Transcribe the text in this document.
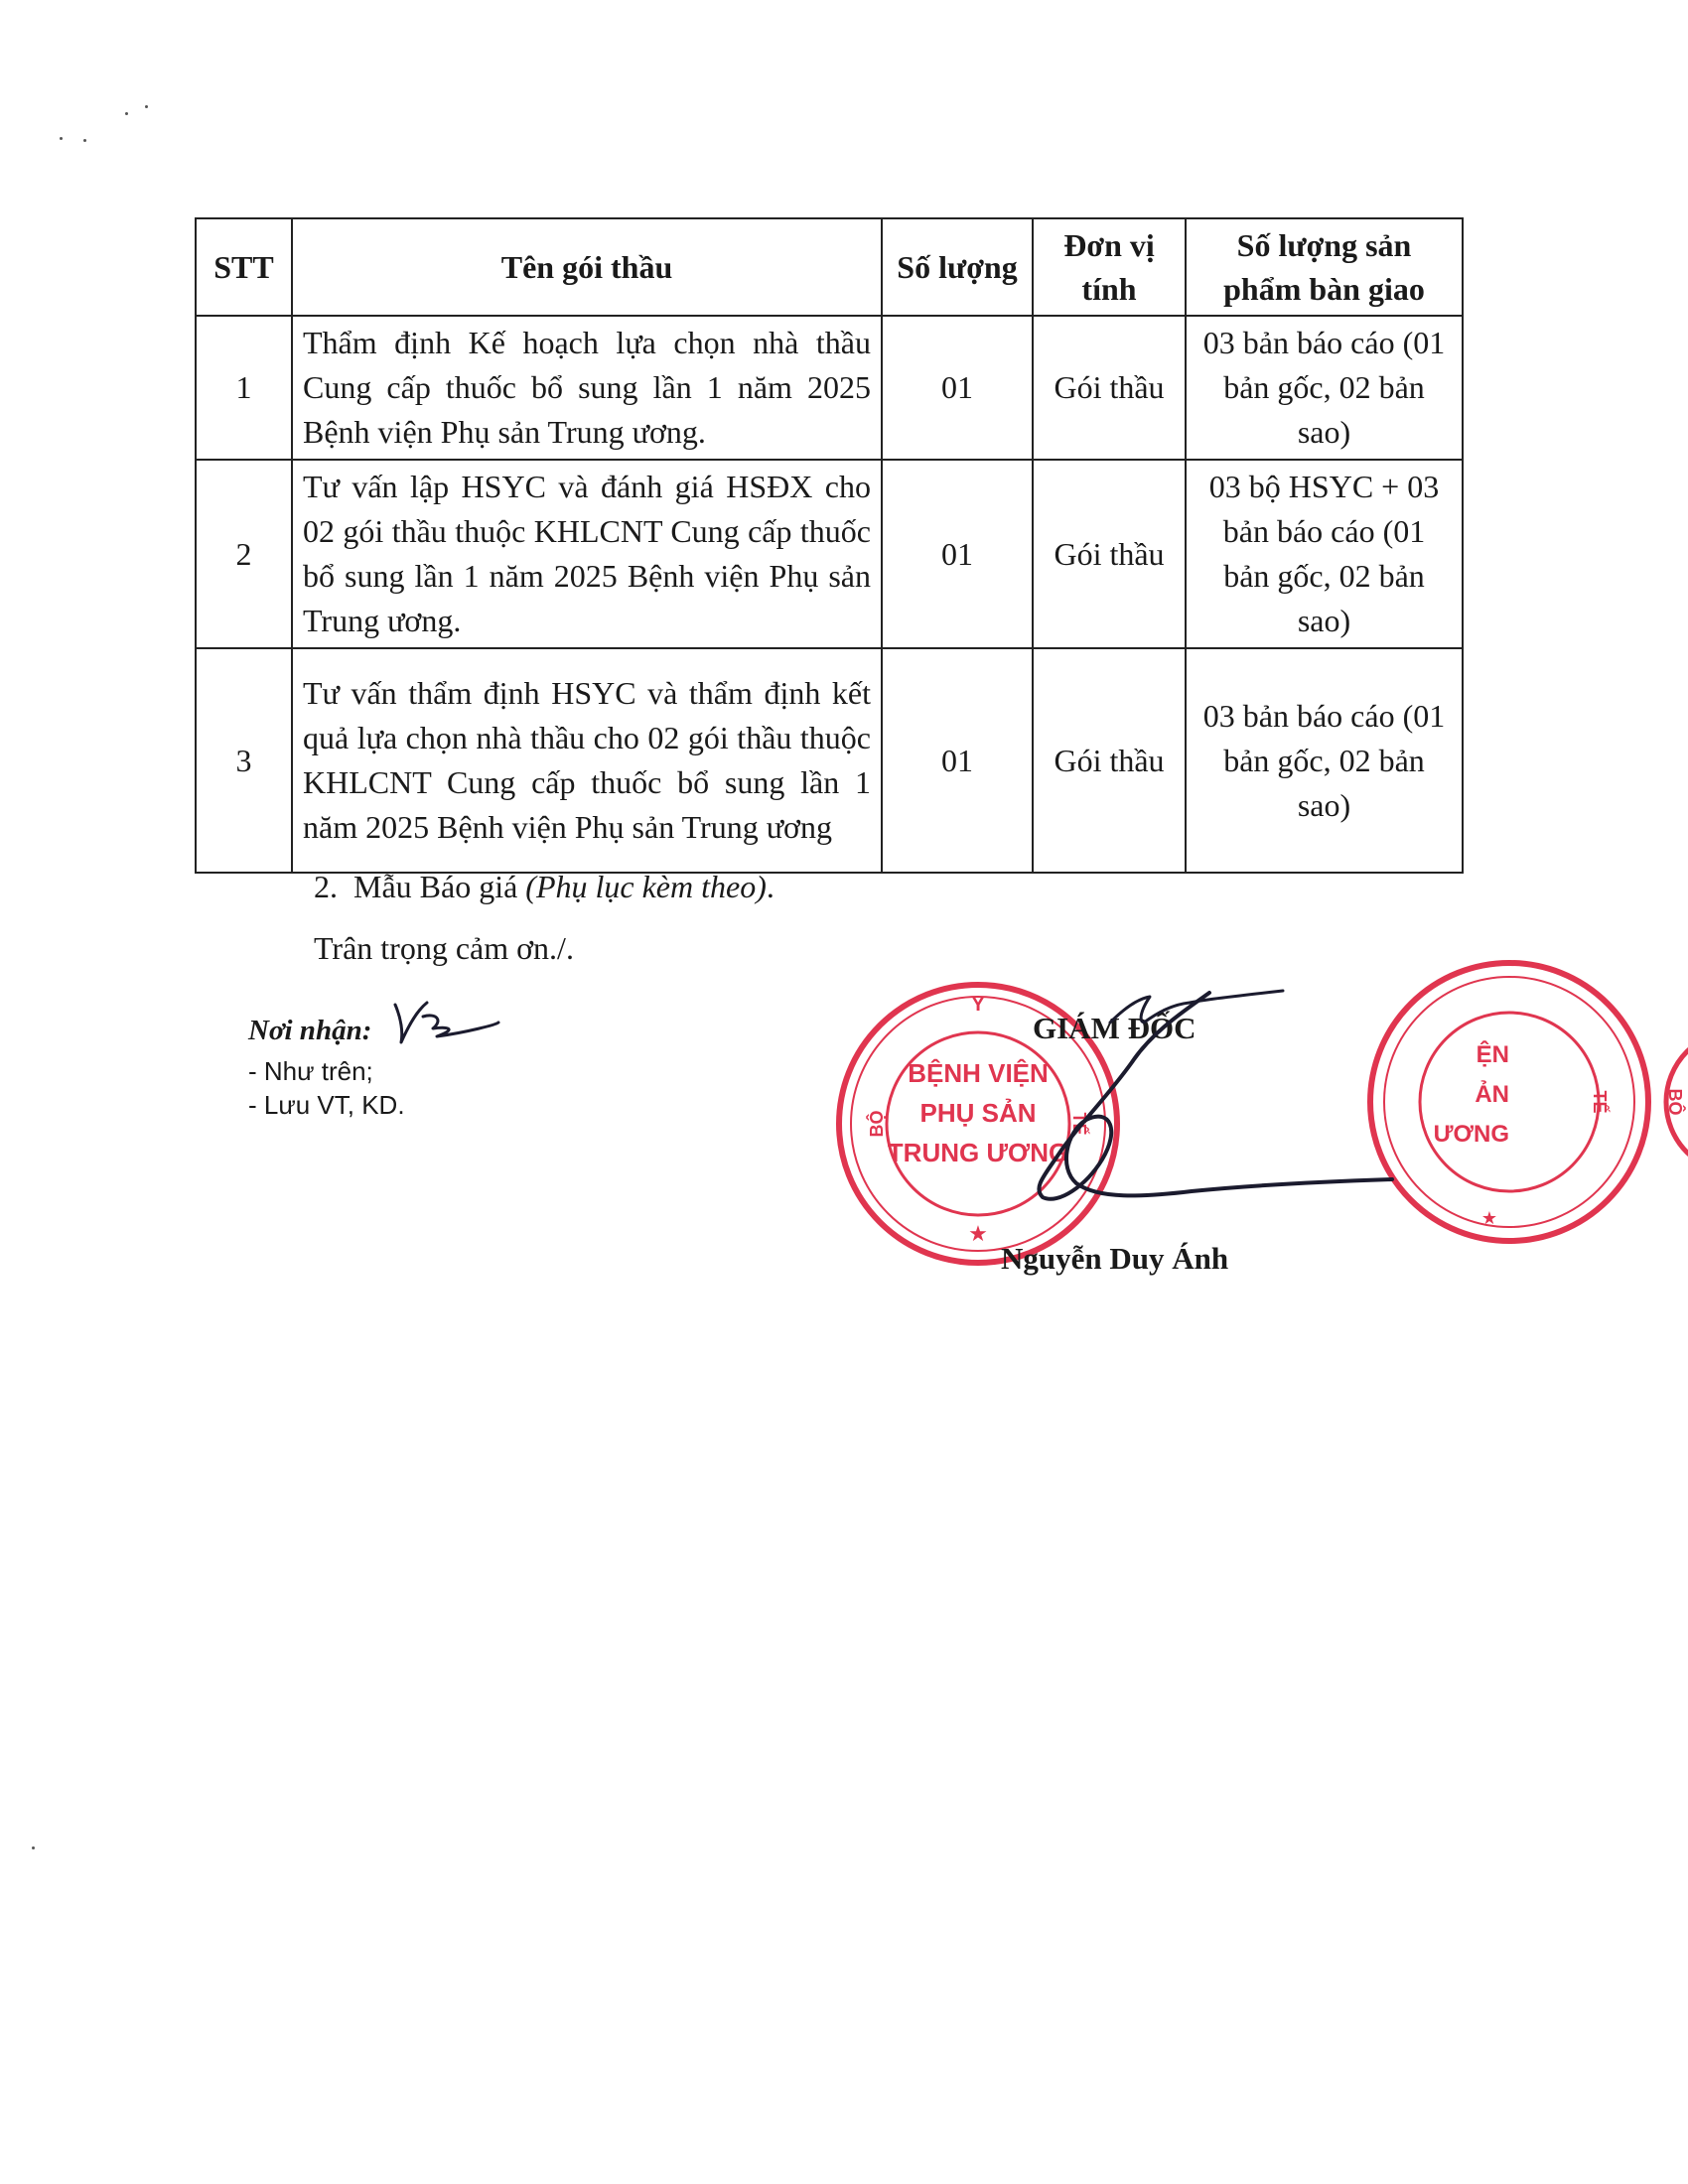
STT	Tên gói thầu	Số lượng	Đơn vị tính	Số lượng sản phẩm bàn giao
1	Thẩm định Kế hoạch lựa chọn nhà thầu Cung cấp thuốc bổ sung lần 1 năm 2025 Bệnh viện Phụ sản Trung ương.	01	Gói thầu	03 bản báo cáo (01 bản gốc, 02 bản sao)
2	Tư vấn lập HSYC và đánh giá HSĐX cho 02 gói thầu thuộc KHLCNT Cung cấp thuốc bổ sung lần 1 năm 2025 Bệnh viện Phụ sản Trung ương.	01	Gói thầu	03 bộ HSYC + 03 bản báo cáo (01 bản gốc, 02 bản sao)
3	Tư vấn thẩm định HSYC và thẩm định kết quả lựa chọn nhà thầu cho 02 gói thầu thuộc KHLCNT Cung cấp thuốc bổ sung lần 1 năm 2025 Bệnh viện Phụ sản Trung ương	01	Gói thầu	03 bản báo cáo (01 bản gốc, 02 bản sao)
2. Mẫu Báo giá (Phụ lục kèm theo).
Trân trọng cảm ơn./.
Nơi nhận:
- Như trên;
- Lưu VT, KD.
Y
BỘ	TẾ
BỆNH VIỆN
PHỤ SẢN
TRUNG ƯƠNG
★
ỆN
ẢN
ƯƠNG
TẾ	BỘ
★
GIÁM ĐỐC
Nguyễn Duy Ánh
